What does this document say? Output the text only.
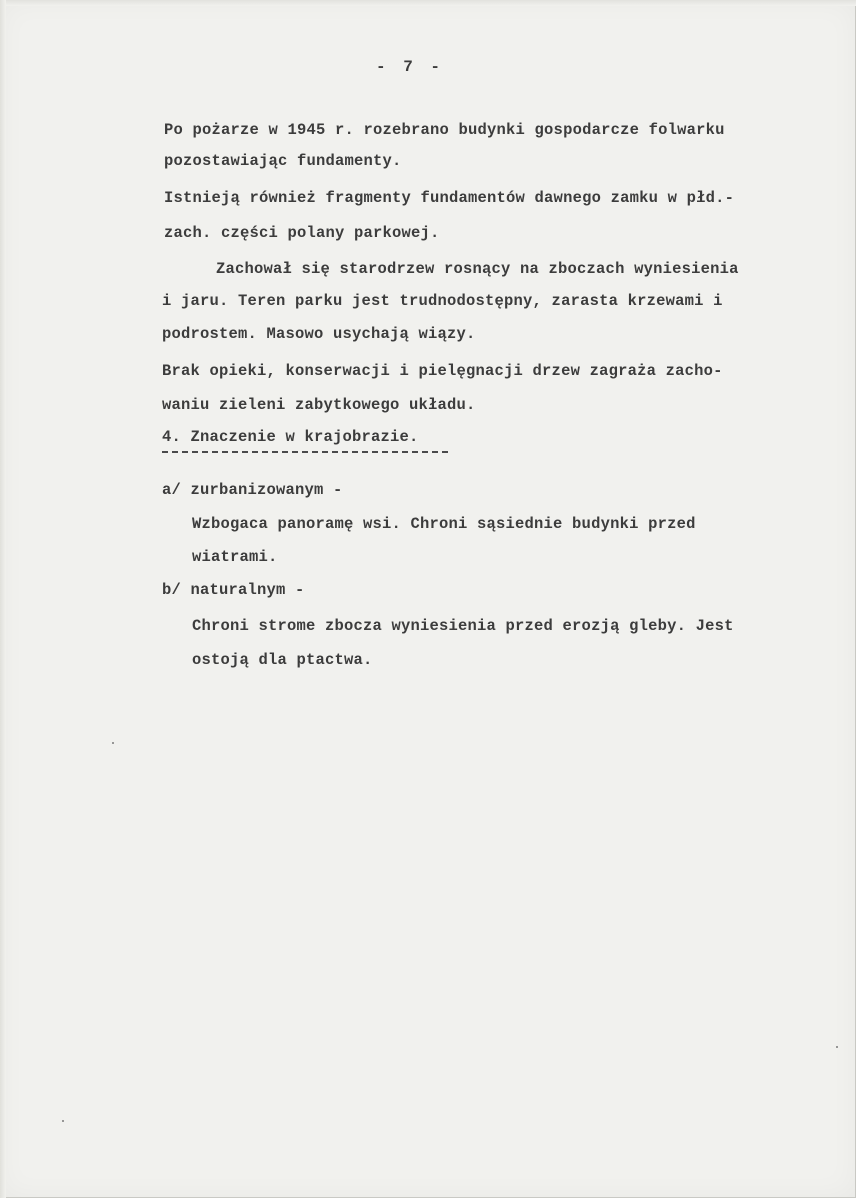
- 7 -
Po pożarze w 1945 r. rozebrano budynki gospodarcze folwarku
pozostawiając fundamenty.
Istnieją również fragmenty fundamentów dawnego zamku w płd.-
zach. części polany parkowej.
Zachował się starodrzew rosnący na zboczach wyniesienia
i jaru. Teren parku jest trudnodostępny, zarasta krzewami i
podrostem. Masowo usychają wiązy.
Brak opieki, konserwacji i pielęgnacji drzew zagraża zacho-
waniu zieleni zabytkowego układu.
4. Znaczenie w krajobrazie.
a/ zurbanizowanym -
Wzbogaca panoramę wsi. Chroni sąsiednie budynki przed
wiatrami.
b/ naturalnym -
Chroni strome zbocza wyniesienia przed erozją gleby. Jest
ostoją dla ptactwa.
